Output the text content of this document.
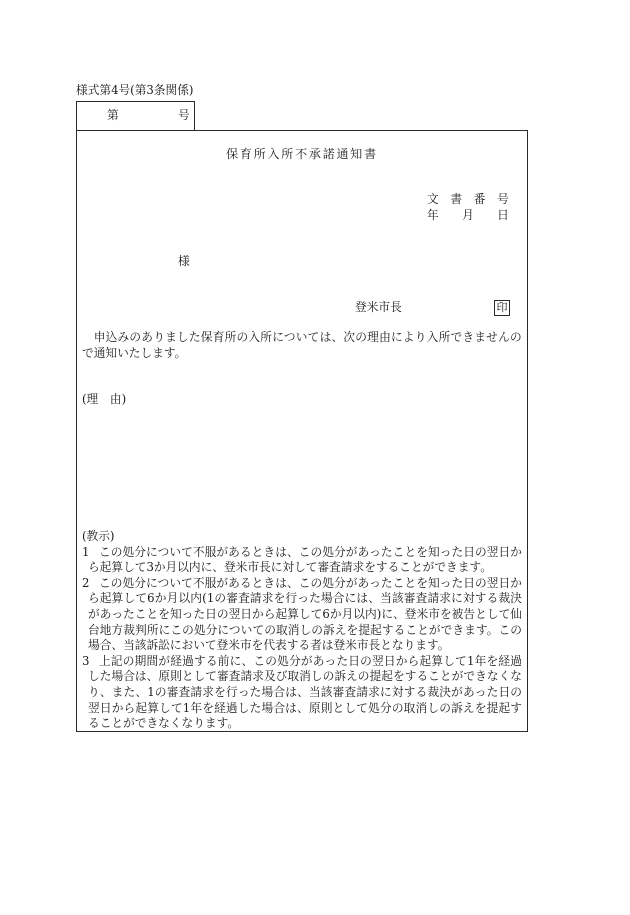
様式第4号(第3条関係)
第	号
保育所入所不承諾通知書
文　書　番　号
年　　月　　日
様
登米市長	印
申込みのありました保育所の入所については、次の理由により入所できませんの
で通知いたします。
(理　由)
(教示)
1 この処分について不服があるときは、この処分があったことを知った日の翌日か
ら起算して3か月以内に、登米市長に対して審査請求をすることができます。
2 この処分について不服があるときは、この処分があったことを知った日の翌日か
ら起算して6か月以内(1の審査請求を行った場合には、当該審査請求に対する裁決
があったことを知った日の翌日から起算して6か月以内)に、登米市を被告として仙
台地方裁判所にこの処分についての取消しの訴えを提起することができます。この
場合、当該訴訟において登米市を代表する者は登米市長となります。
3 上記の期間が経過する前に、この処分があった日の翌日から起算して1年を経過
した場合は、原則として審査請求及び取消しの訴えの提起をすることができなくな
り、また、1の審査請求を行った場合は、当該審査請求に対する裁決があった日の
翌日から起算して1年を経過した場合は、原則として処分の取消しの訴えを提起す
ることができなくなります。
